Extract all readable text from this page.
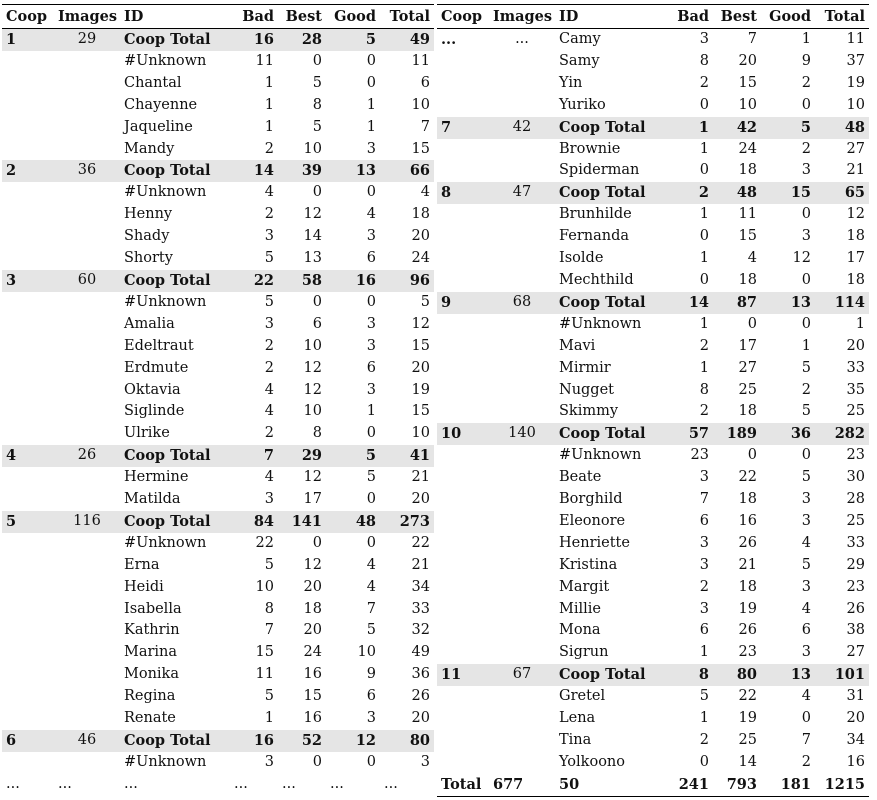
Coop	Images	ID	Bad	Best	Good	Total
1	29	Coop Total	16	28	5	49
		#Unknown	11	0	0	11
		Chantal	1	5	0	6
		Chayenne	1	8	1	10
		Jaqueline	1	5	1	7
		Mandy	2	10	3	15
2	36	Coop Total	14	39	13	66
		#Unknown	4	0	0	4
		Henny	2	12	4	18
		Shady	3	14	3	20
		Shorty	5	13	6	24
3	60	Coop Total	22	58	16	96
		#Unknown	5	0	0	5
		Amalia	3	6	3	12
		Edeltraut	2	10	3	15
		Erdmute	2	12	6	20
		Oktavia	4	12	3	19
		Siglinde	4	10	1	15
		Ulrike	2	8	0	10
4	26	Coop Total	7	29	5	41
		Hermine	4	12	5	21
		Matilda	3	17	0	20
5	116	Coop Total	84	141	48	273
		#Unknown	22	0	0	22
		Erna	5	12	4	21
		Heidi	10	20	4	34
		Isabella	8	18	7	33
		Kathrin	7	20	5	32
		Marina	15	24	10	49
		Monika	11	16	9	36
		Regina	5	15	6	26
		Renate	1	16	3	20
6	46	Coop Total	16	52	12	80
		#Unknown	3	0	0	3
...	...	...	...	...	...	...
Coop	Images	ID	Bad	Best	Good	Total
...	...	Camy	3	7	1	11
		Samy	8	20	9	37
		Yin	2	15	2	19
		Yuriko	0	10	0	10
7	42	Coop Total	1	42	5	48
		Brownie	1	24	2	27
		Spiderman	0	18	3	21
8	47	Coop Total	2	48	15	65
		Brunhilde	1	11	0	12
		Fernanda	0	15	3	18
		Isolde	1	4	12	17
		Mechthild	0	18	0	18
9	68	Coop Total	14	87	13	114
		#Unknown	1	0	0	1
		Mavi	2	17	1	20
		Mirmir	1	27	5	33
		Nugget	8	25	2	35
		Skimmy	2	18	5	25
10	140	Coop Total	57	189	36	282
		#Unknown	23	0	0	23
		Beate	3	22	5	30
		Borghild	7	18	3	28
		Eleonore	6	16	3	25
		Henriette	3	26	4	33
		Kristina	3	21	5	29
		Margit	2	18	3	23
		Millie	3	19	4	26
		Mona	6	26	6	38
		Sigrun	1	23	3	27
11	67	Coop Total	8	80	13	101
		Gretel	5	22	4	31
		Lena	1	19	0	20
		Tina	2	25	7	34
		Yolkoono	0	14	2	16
Total	677	50	241	793	181	1215
